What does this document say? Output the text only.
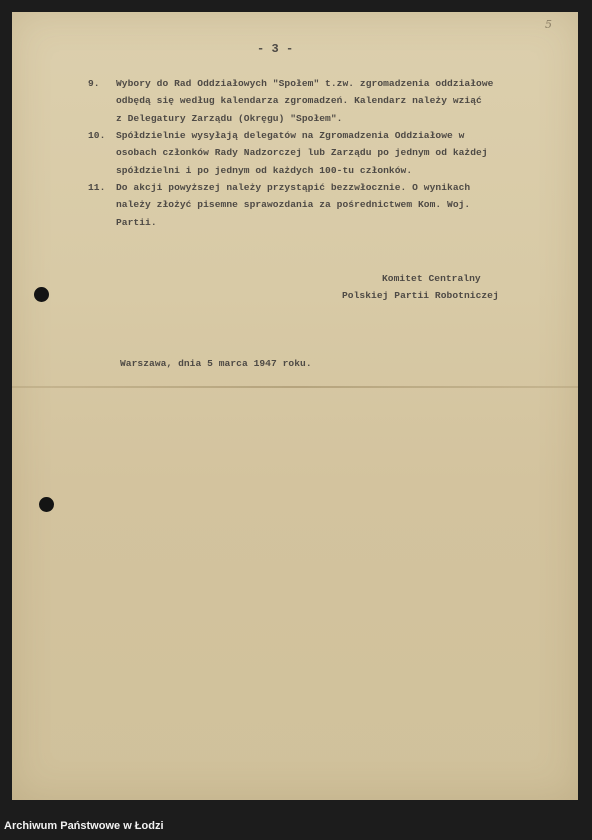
5
- 3 -
9.	Wybory do Rad Oddziałowych "Społem" t.zw. zgromadzenia oddziałowe
odbędą się według kalendarza zgromadzeń. Kalendarz należy wziąć
z Delegatury Zarządu (Okręgu) "Społem".
10.	Spółdzielnie wysyłają delegatów na Zgromadzenia Oddziałowe w
osobach członków Rady Nadzorczej lub Zarządu po jednym od każdej
spółdzielni i po jednym od każdych 100-tu członków.
11.	Do akcji powyższej należy przystąpić bezzwłocznie. O wynikach
należy złożyć pisemne sprawozdania za pośrednictwem Kom. Woj.
Partii.
Komitet Centralny
Polskiej Partii Robotniczej
Warszawa, dnia 5 marca 1947 roku.
Archiwum Państwowe w Łodzi
